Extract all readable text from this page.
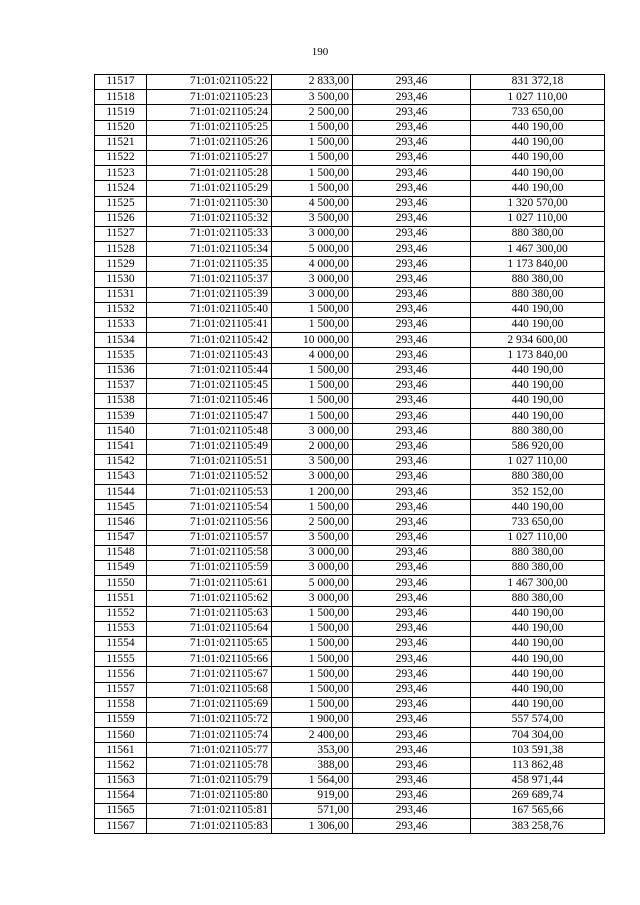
190
11517	71:01:021105:22	2 833,00	293,46	831 372,18
11518	71:01:021105:23	3 500,00	293,46	1 027 110,00
11519	71:01:021105:24	2 500,00	293,46	733 650,00
11520	71:01:021105:25	1 500,00	293,46	440 190,00
11521	71:01:021105:26	1 500,00	293,46	440 190,00
11522	71:01:021105:27	1 500,00	293,46	440 190,00
11523	71:01:021105:28	1 500,00	293,46	440 190,00
11524	71:01:021105:29	1 500,00	293,46	440 190,00
11525	71:01:021105:30	4 500,00	293,46	1 320 570,00
11526	71:01:021105:32	3 500,00	293,46	1 027 110,00
11527	71:01:021105:33	3 000,00	293,46	880 380,00
11528	71:01:021105:34	5 000,00	293,46	1 467 300,00
11529	71:01:021105:35	4 000,00	293,46	1 173 840,00
11530	71:01:021105:37	3 000,00	293,46	880 380,00
11531	71:01:021105:39	3 000,00	293,46	880 380,00
11532	71:01:021105:40	1 500,00	293,46	440 190,00
11533	71:01:021105:41	1 500,00	293,46	440 190,00
11534	71:01:021105:42	10 000,00	293,46	2 934 600,00
11535	71:01:021105:43	4 000,00	293,46	1 173 840,00
11536	71:01:021105:44	1 500,00	293,46	440 190,00
11537	71:01:021105:45	1 500,00	293,46	440 190,00
11538	71:01:021105:46	1 500,00	293,46	440 190,00
11539	71:01:021105:47	1 500,00	293,46	440 190,00
11540	71:01:021105:48	3 000,00	293,46	880 380,00
11541	71:01:021105:49	2 000,00	293,46	586 920,00
11542	71:01:021105:51	3 500,00	293,46	1 027 110,00
11543	71:01:021105:52	3 000,00	293,46	880 380,00
11544	71:01:021105:53	1 200,00	293,46	352 152,00
11545	71:01:021105:54	1 500,00	293,46	440 190,00
11546	71:01:021105:56	2 500,00	293,46	733 650,00
11547	71:01:021105:57	3 500,00	293,46	1 027 110,00
11548	71:01:021105:58	3 000,00	293,46	880 380,00
11549	71:01:021105:59	3 000,00	293,46	880 380,00
11550	71:01:021105:61	5 000,00	293,46	1 467 300,00
11551	71:01:021105:62	3 000,00	293,46	880 380,00
11552	71:01:021105:63	1 500,00	293,46	440 190,00
11553	71:01:021105:64	1 500,00	293,46	440 190,00
11554	71:01:021105:65	1 500,00	293,46	440 190,00
11555	71:01:021105:66	1 500,00	293,46	440 190,00
11556	71:01:021105:67	1 500,00	293,46	440 190,00
11557	71:01:021105:68	1 500,00	293,46	440 190,00
11558	71:01:021105:69	1 500,00	293,46	440 190,00
11559	71:01:021105:72	1 900,00	293,46	557 574,00
11560	71:01:021105:74	2 400,00	293,46	704 304,00
11561	71:01:021105:77	353,00	293,46	103 591,38
11562	71:01:021105:78	388,00	293,46	113 862,48
11563	71:01:021105:79	1 564,00	293,46	458 971,44
11564	71:01:021105:80	919,00	293,46	269 689,74
11565	71:01:021105:81	571,00	293,46	167 565,66
11567	71:01:021105:83	1 306,00	293,46	383 258,76
